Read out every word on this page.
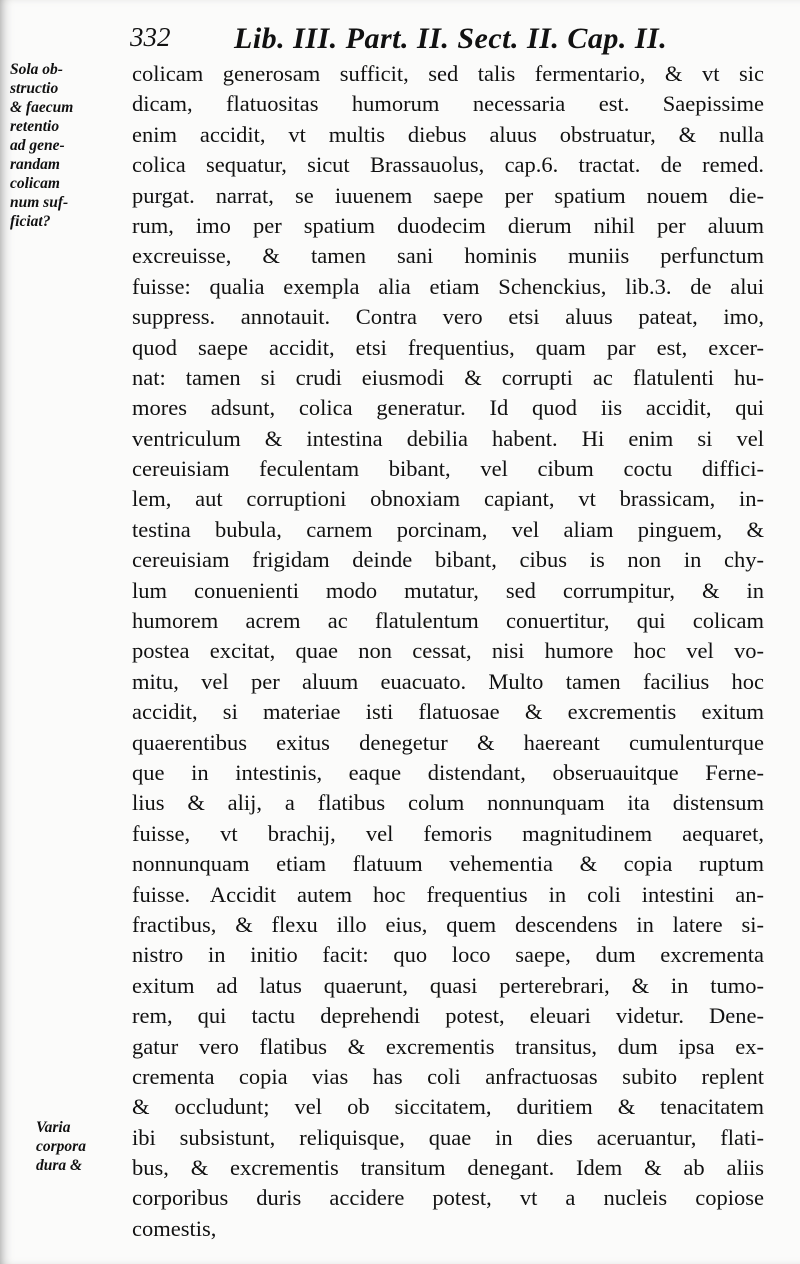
332 Lib. III. Part. II. Sect. II. Cap. II.
Sola ob-
structio
& faecum
retentio
ad gene-
randam
colicam
num suf-
ficiat?
Varia
corpora
dura &
colicam generosam sufficit, sed talis fermentario, & vt sic
dicam, flatuositas humorum necessaria est. Saepissime
enim accidit, vt multis diebus aluus obstruatur, & nulla
colica sequatur, sicut Brassauolus, cap.6. tractat. de remed.
purgat. narrat, se iuuenem saepe per spatium nouem die-
rum, imo per spatium duodecim dierum nihil per aluum
excreuisse, & tamen sani hominis muniis perfunctum
fuisse: qualia exempla alia etiam Schenckius, lib.3. de alui
suppress. annotauit. Contra vero etsi aluus pateat, imo,
quod saepe accidit, etsi frequentius, quam par est, excer-
nat: tamen si crudi eiusmodi & corrupti ac flatulenti hu-
mores adsunt, colica generatur. Id quod iis accidit, qui
ventriculum & intestina debilia habent. Hi enim si vel
cereuisiam feculentam bibant, vel cibum coctu diffici-
lem, aut corruptioni obnoxiam capiant, vt brassicam, in-
testina bubula, carnem porcinam, vel aliam pinguem, &
cereuisiam frigidam deinde bibant, cibus is non in chy-
lum conuenienti modo mutatur, sed corrumpitur, & in
humorem acrem ac flatulentum conuertitur, qui colicam
postea excitat, quae non cessat, nisi humore hoc vel vo-
mitu, vel per aluum euacuato. Multo tamen facilius hoc
accidit, si materiae isti flatuosae & excrementis exitum
quaerentibus exitus denegetur & haereant cumulenturque
que in intestinis, eaque distendant, obseruauitque Ferne-
lius & alij, a flatibus colum nonnunquam ita distensum
fuisse, vt brachij, vel femoris magnitudinem aequaret,
nonnunquam etiam flatuum vehementia & copia ruptum
fuisse. Accidit autem hoc frequentius in coli intestini an-
fractibus, & flexu illo eius, quem descendens in latere si-
nistro in initio facit: quo loco saepe, dum excrementa
exitum ad latus quaerunt, quasi perterebrari, & in tumo-
rem, qui tactu deprehendi potest, eleuari videtur. Dene-
gatur vero flatibus & excrementis transitus, dum ipsa ex-
crementa copia vias has coli anfractuosas subito replent
& occludunt; vel ob siccitatem, duritiem & tenacitatem
ibi subsistunt, reliquisque, quae in dies aceruantur, flati-
bus, & excrementis transitum denegant. Idem & ab aliis
corporibus duris accidere potest, vt a nucleis copiose
comestis,
